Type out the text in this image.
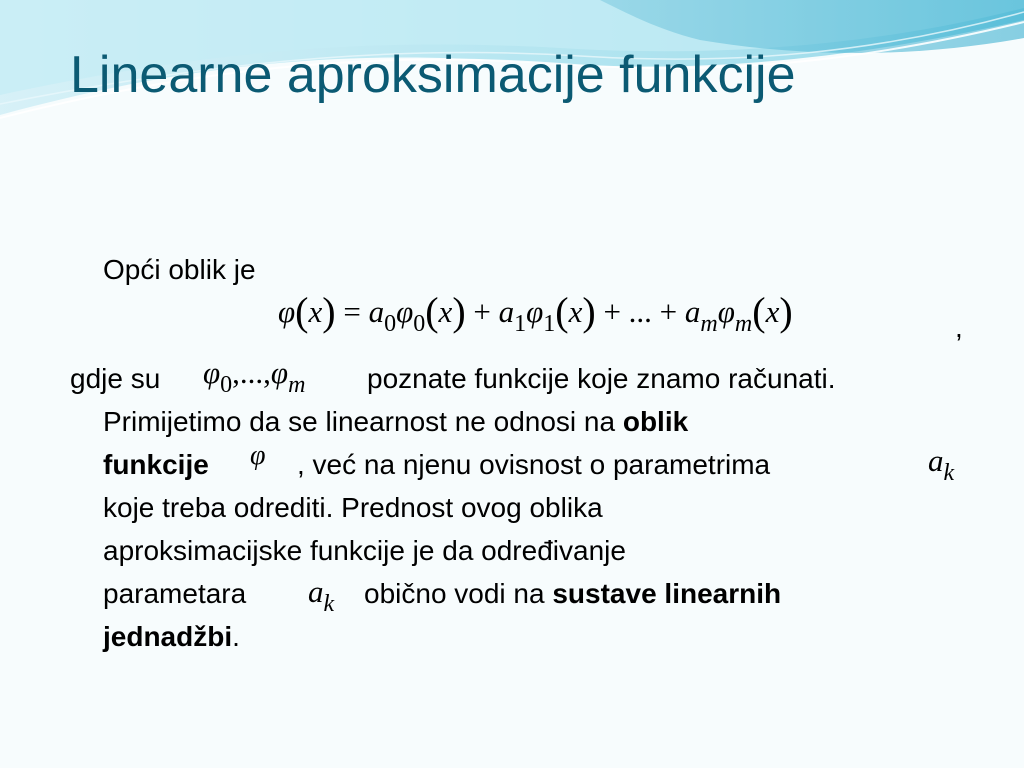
Linearne aproksimacije funkcije
Opći oblik je
$\varphi(x) = a_0\varphi_0(x) + a_1\varphi_1(x)$ + ... + $a_m\varphi_m(x)$	,
gdje su $\varphi_0,...,\varphi_m$ poznate funkcije koje znamo računati.
Primijetimo da se linearnost ne odnosi na oblik
funkcije φ , već na njenu ovisnost o parametrima	$a_k$
koje treba odrediti. Prednost ovog oblika
aproksimacijske funkcije je da određivanje
parametara $a_k$ obično vodi na sustave linearnih
jednadžbi.
